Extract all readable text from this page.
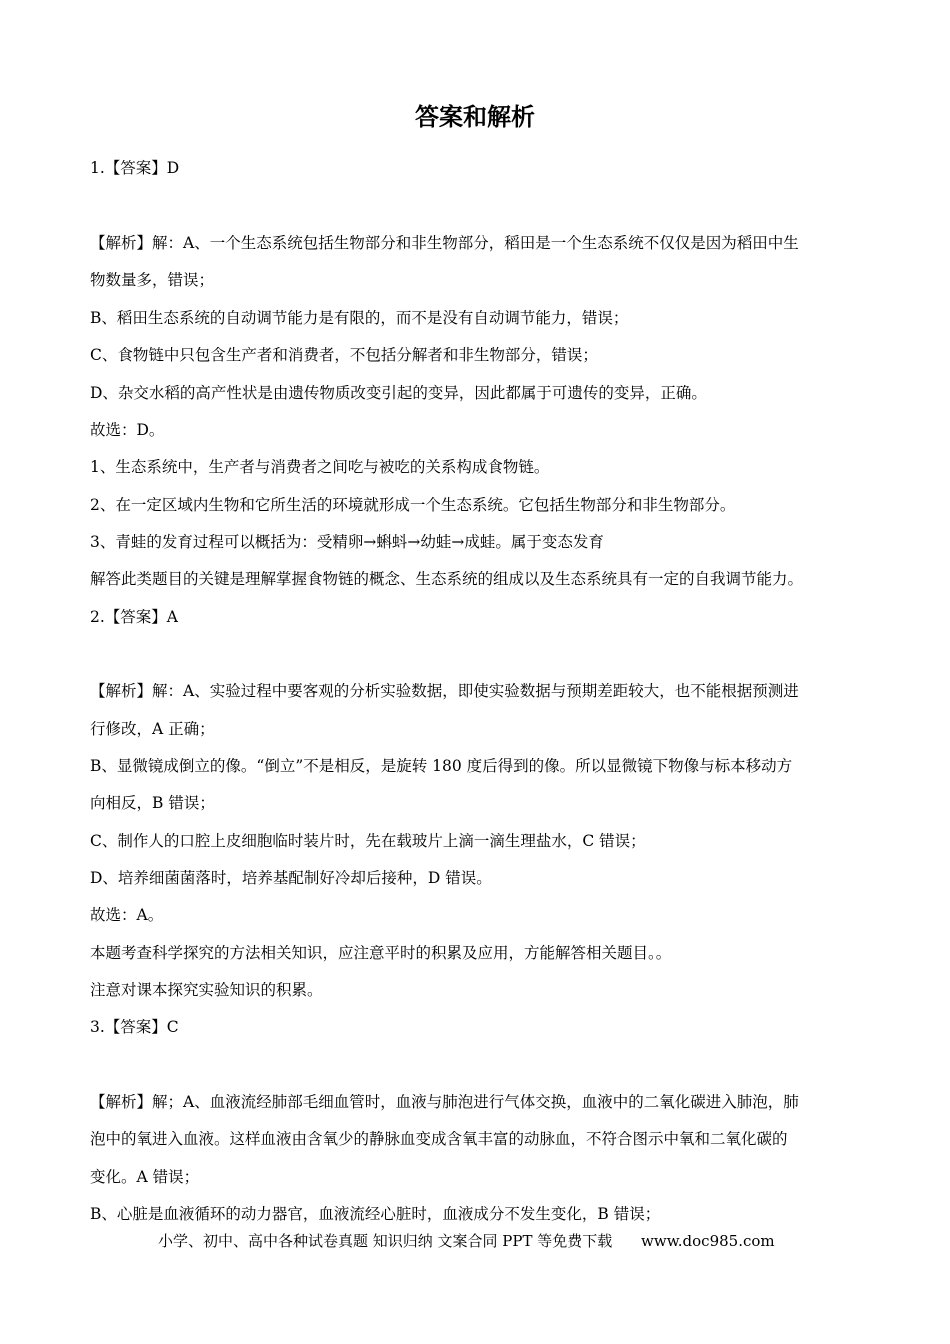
答案和解析
1.【答案】D
【解析】解：A、一个生态系统包括生物部分和非生物部分，稻田是一个生态系统不仅仅是因为稻田中生
物数量多，错误；
B、稻田生态系统的自动调节能力是有限的，而不是没有自动调节能力，错误；
C、食物链中只包含生产者和消费者，不包括分解者和非生物部分，错误；
D、杂交水稻的高产性状是由遗传物质改变引起的变异，因此都属于可遗传的变异，正确。
故选：D。
1、生态系统中，生产者与消费者之间吃与被吃的关系构成食物链。
2、在一定区域内生物和它所生活的环境就形成一个生态系统。它包括生物部分和非生物部分。
3、青蛙的发育过程可以概括为：受精卵→蝌蚪→幼蛙→成蛙。属于变态发育
解答此类题目的关键是理解掌握食物链的概念、生态系统的组成以及生态系统具有一定的自我调节能力。
2.【答案】A
【解析】解：A、实验过程中要客观的分析实验数据，即使实验数据与预期差距较大，也不能根据预测进
行修改，A 正确；
B、显微镜成倒立的像。“倒立”不是相反，是旋转 180 度后得到的像。所以显微镜下物像与标本移动方
向相反，B 错误；
C、制作人的口腔上皮细胞临时装片时，先在载玻片上滴一滴生理盐水，C 错误；
D、培养细菌菌落时，培养基配制好冷却后接种，D 错误。
故选：A。
本题考查科学探究的方法相关知识，应注意平时的积累及应用，方能解答相关题目。。
注意对课本探究实验知识的积累。
3.【答案】C
【解析】解；A、血液流经肺部毛细血管时，血液与肺泡进行气体交换，血液中的二氧化碳进入肺泡，肺
泡中的氧进入血液。这样血液由含氧少的静脉血变成含氧丰富的动脉血，不符合图示中氧和二氧化碳的
变化。A 错误；
B、心脏是血液循环的动力器官，血液流经心脏时，血液成分不发生变化，B 错误；
小学、初中、高中各种试卷真题 知识归纳 文案合同 PPT 等免费下载 www.doc985.com
